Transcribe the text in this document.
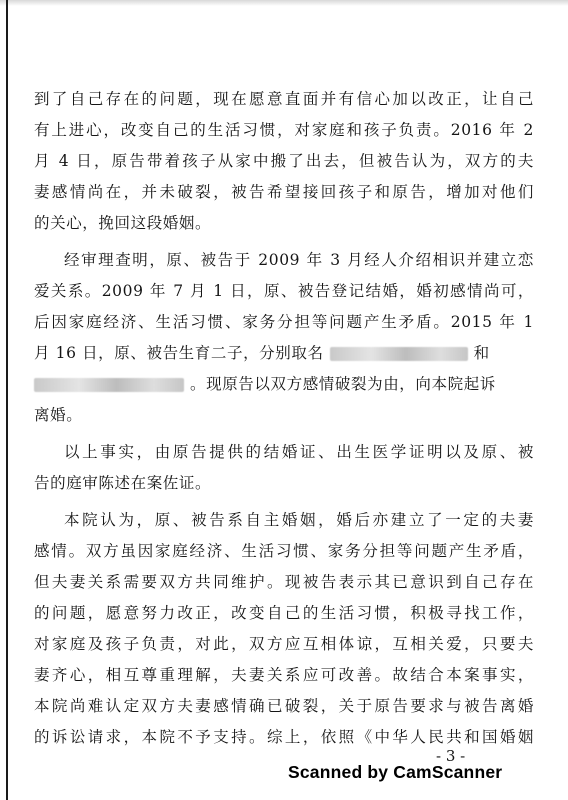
到了自己存在的问题，现在愿意直面并有信心加以改正，让自己
有上进心，改变自己的生活习惯，对家庭和孩子负责。2016 年 2
月 4 日，原告带着孩子从家中搬了出去，但被告认为，双方的夫
妻感情尚在，并未破裂，被告希望接回孩子和原告，增加对他们
的关心，挽回这段婚姻。
经审理查明，原、被告于 2009 年 3 月经人介绍相识并建立恋
爱关系。2009 年 7 月 1 日，原、被告登记结婚，婚初感情尚可，
后因家庭经济、生活习惯、家务分担等问题产生矛盾。2015 年 1
月 16 日，原、被告生育二子，分别取名	和
。现原告以双方感情破裂为由，向本院起诉
离婚。
以上事实，由原告提供的结婚证、出生医学证明以及原、被
告的庭审陈述在案佐证。
本院认为，原、被告系自主婚姻，婚后亦建立了一定的夫妻
感情。双方虽因家庭经济、生活习惯、家务分担等问题产生矛盾，
但夫妻关系需要双方共同维护。现被告表示其已意识到自己存在
的问题，愿意努力改正，改变自己的生活习惯，积极寻找工作，
对家庭及孩子负责，对此，双方应互相体谅，互相关爱，只要夫
妻齐心，相互尊重理解，夫妻关系应可改善。故结合本案事实，
本院尚难认定双方夫妻感情确已破裂，关于原告要求与被告离婚
的诉讼请求，本院不予支持。综上，依照《中华人民共和国婚姻
- 3 -
Scanned by CamScanner
